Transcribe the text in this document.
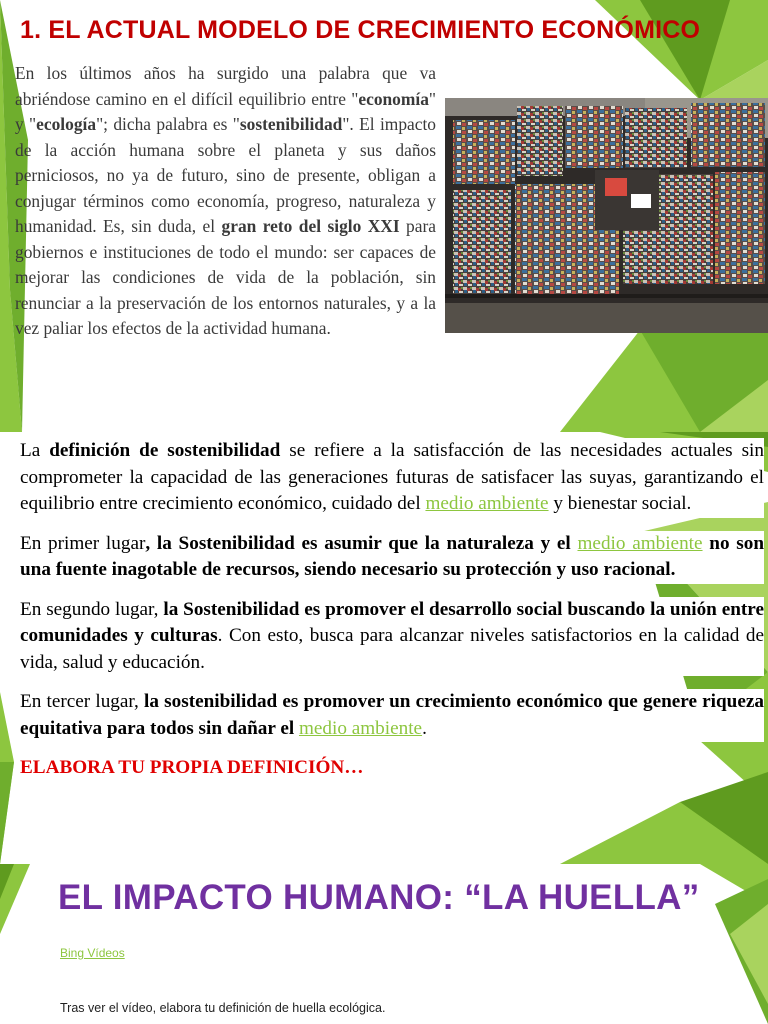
1. EL ACTUAL MODELO DE CRECIMIENTO ECONÓMICO

En los últimos años ha surgido una palabra que va abriéndose camino en el difícil equilibrio entre "economía" y "ecología"; dicha palabra es "sostenibilidad". El impacto de la acción humana sobre el planeta y sus daños perniciosos, no ya de futuro, sino de presente, obligan a conjugar términos como economía, progreso, naturaleza y humanidad. Es, sin duda, el gran reto del siglo XXI para gobiernos e instituciones de todo el mundo: ser capaces de mejorar las condiciones de vida de la población, sin renunciar a la preservación de los entornos naturales, y a la vez paliar los efectos de la actividad humana.

La definición de sostenibilidad se refiere a la satisfacción de las necesidades actuales sin comprometer la capacidad de las generaciones futuras de satisfacer las suyas, garantizando el equilibrio entre crecimiento económico, cuidado del medio ambiente y bienestar social.

En primer lugar, la Sostenibilidad es asumir que la naturaleza y el medio ambiente no son una fuente inagotable de recursos, siendo necesario su protección y uso racional.

En segundo lugar, la Sostenibilidad es promover el desarrollo social buscando la unión entre comunidades y culturas. Con esto, busca para alcanzar niveles satisfactorios en la calidad de vida, salud y educación.

En tercer lugar, la sostenibilidad es promover un crecimiento económico que genere riqueza equitativa para todos sin dañar el medio ambiente.

ELABORA TU PROPIA DEFINICIÓN…

EL IMPACTO HUMANO: “LA HUELLA”
Bing Vídeos

Tras ver el vídeo, elabora tu definición de huella ecológica.
